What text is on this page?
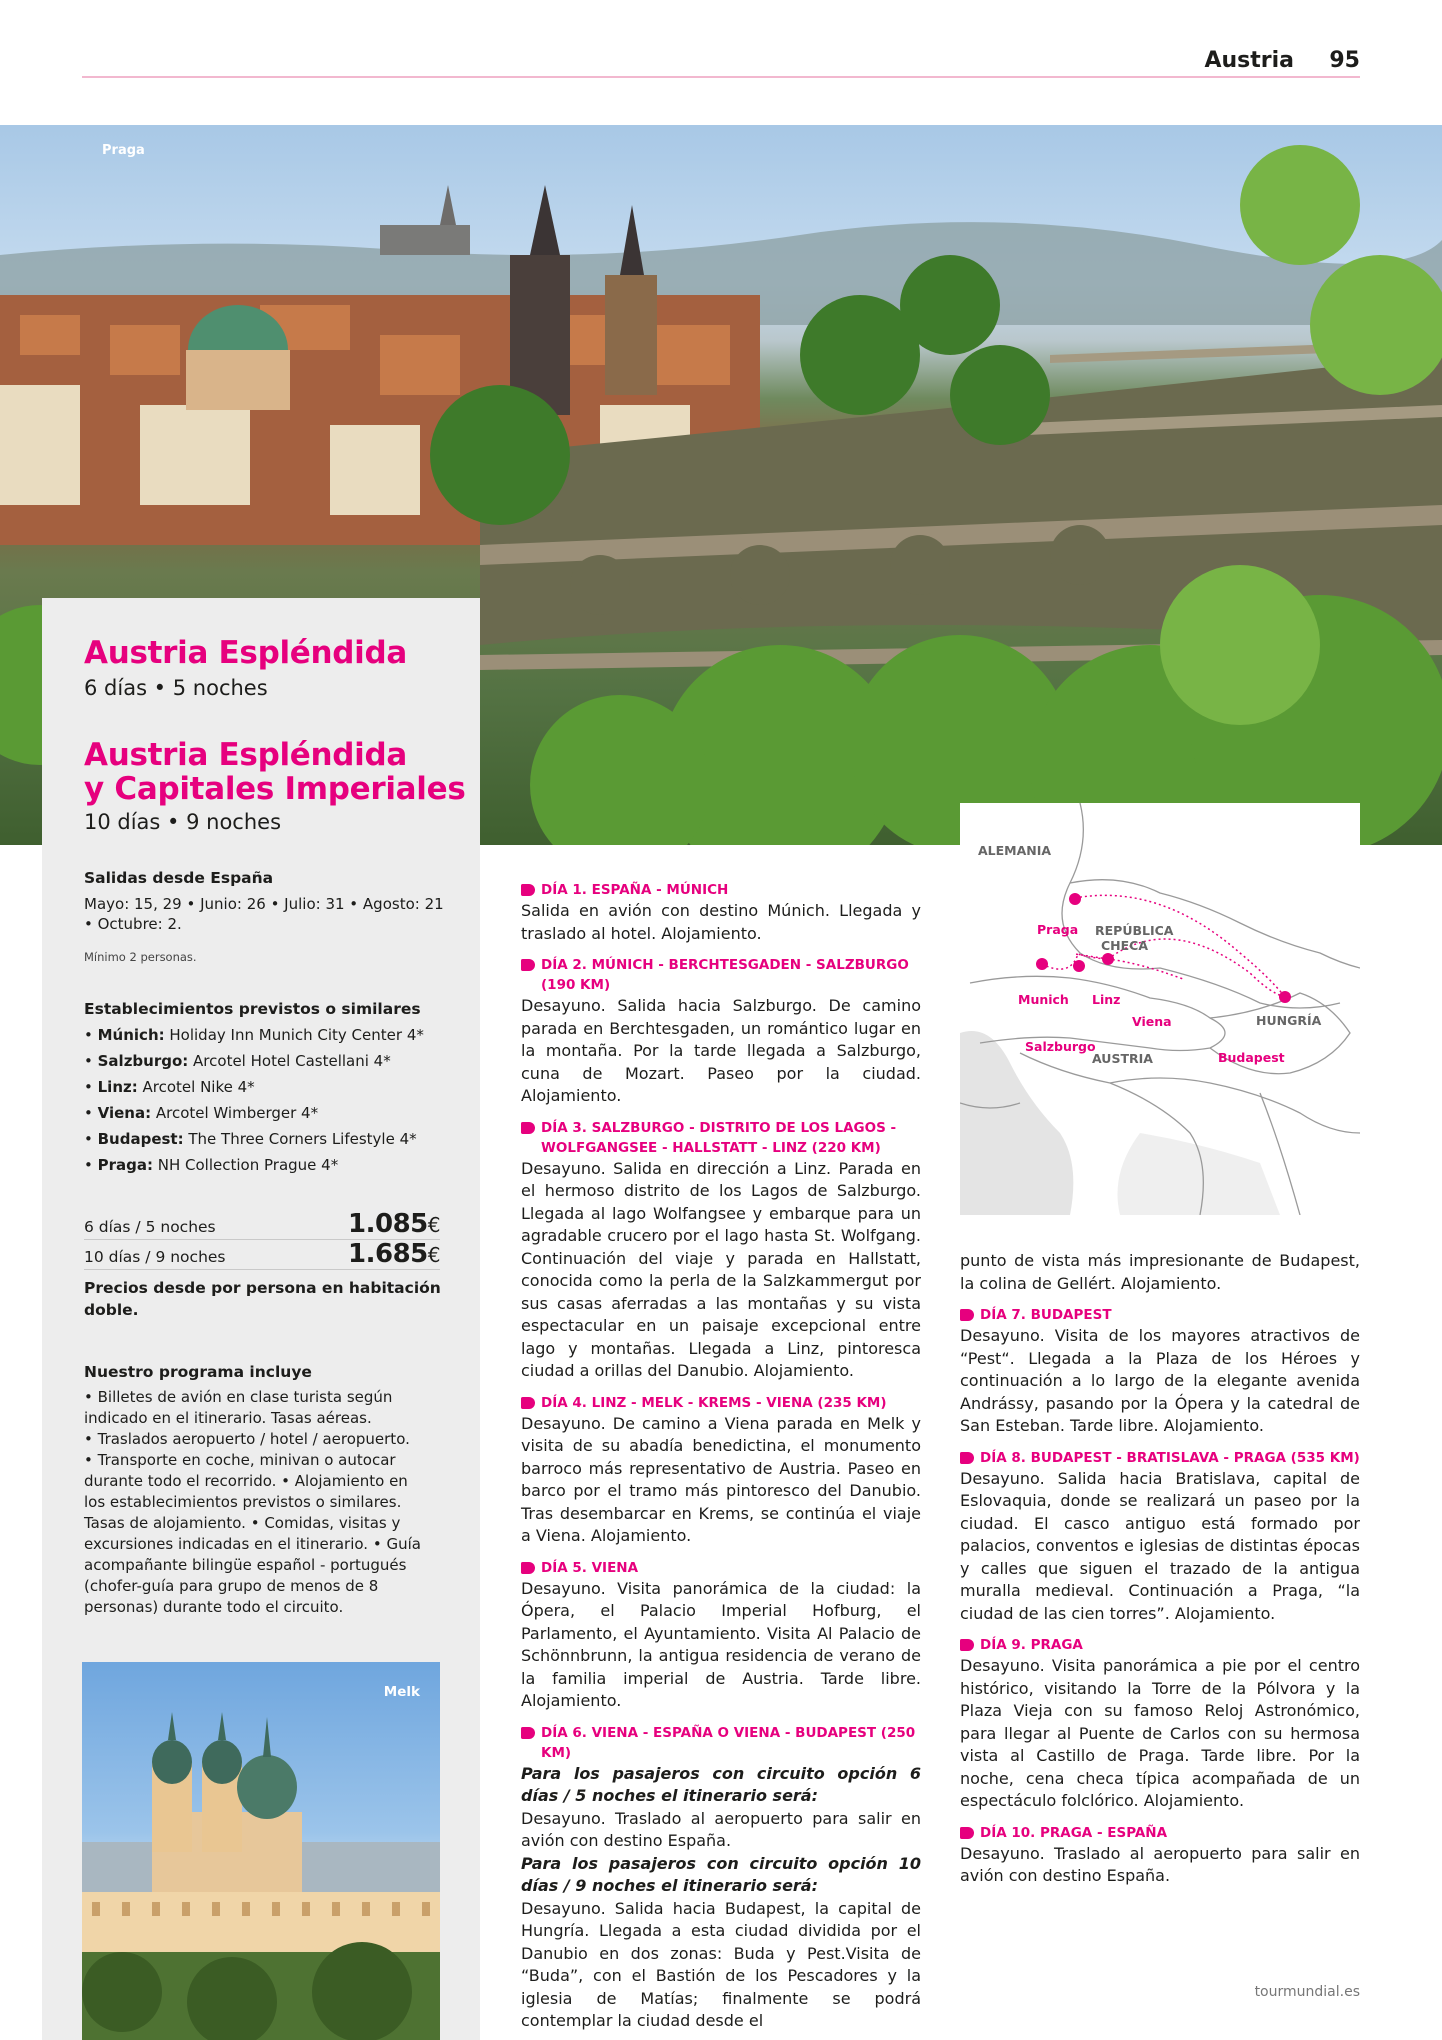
Austria 95
Praga
Austria Espléndida
6 días • 5 noches
Austria Espléndida
y Capitales Imperiales
10 días • 9 noches
Salidas desde España
Mayo: 15, 29 • Junio: 26 • Julio: 31 • Agosto: 21
• Octubre: 2.
Mínimo 2 personas.
Establecimientos previstos o similares
• Múnich: Holiday Inn Munich City Center 4*
• Salzburgo: Arcotel Hotel Castellani 4*
• Linz: Arcotel Nike 4*
• Viena: Arcotel Wimberger 4*
• Budapest: The Three Corners Lifestyle 4*
• Praga: NH Collection Prague 4*
6 días / 5 noches	1.085€
10 días / 9 noches	1.685€
Precios desde por persona en habitación
doble.
Nuestro programa incluye
• Billetes de avión en clase turista según
indicado en el itinerario. Tasas aéreas.
• Traslados aeropuerto / hotel / aeropuerto.
• Transporte en coche, minivan o autocar
durante todo el recorrido. • Alojamiento en
los establecimientos previstos o similares.
Tasas de alojamiento. • Comidas, visitas y
excursiones indicadas en el itinerario. • Guía
acompañante bilingüe español - portugués
(chofer-guía para grupo de menos de 8
personas) durante todo el circuito.
Melk
ALEMANIA
REPÚBLICA
CHECA
HUNGRÍA
AUSTRIA
Praga
Munich Linz
Viena
Salzburgo
Budapest
DÍA 1. ESPAÑA - MÚNICH
Salida en avión con destino Múnich. Llegada y traslado al hotel. Alojamiento.
DÍA 2. MÚNICH - BERCHTESGADEN - SALZBURGO (190 KM)
Desayuno. Salida hacia Salzburgo. De camino parada en Berchtesgaden, un romántico lugar en la montaña. Por la tarde llegada a Salzburgo, cuna de Mozart. Paseo por la ciudad. Alojamiento.
DÍA 3. SALZBURGO - DISTRITO DE LOS LAGOS - WOLFGANGSEE - HALLSTATT - LINZ (220 KM)
Desayuno. Salida en dirección a Linz. Parada en el hermoso distrito de los Lagos de Salzburgo. Llegada al lago Wolfangsee y embarque para un agradable crucero por el lago hasta St. Wolfgang. Continuación del viaje y parada en Hallstatt, conocida como la perla de la Salzkammergut por sus casas aferradas a las montañas y su vista espectacular en un paisaje excepcional entre lago y montañas. Llegada a Linz, pintoresca ciudad a orillas del Danubio. Alojamiento.
DÍA 4. LINZ - MELK - KREMS - VIENA (235 KM)
Desayuno. De camino a Viena parada en Melk y visita de su abadía benedictina, el monumento barroco más representativo de Austria. Paseo en barco por el tramo más pintoresco del Danubio. Tras desembarcar en Krems, se continúa el viaje a Viena. Alojamiento.
DÍA 5. VIENA
Desayuno. Visita panorámica de la ciudad: la Ópera, el Palacio Imperial Hofburg, el Parlamento, el Ayuntamiento. Visita Al Palacio de Schönnbrunn, la antigua residencia de verano de la familia imperial de Austria. Tarde libre. Alojamiento.
DÍA 6. VIENA - ESPAÑA O VIENA - BUDAPEST (250 KM)
Para los pasajeros con circuito opción 6 días / 5 noches el itinerario será:
Desayuno. Traslado al aeropuerto para salir en avión con destino España.
Para los pasajeros con circuito opción 10 días / 9 noches el itinerario será:
Desayuno. Salida hacia Budapest, la capital de Hungría. Llegada a esta ciudad dividida por el Danubio en dos zonas: Buda y Pest.Visita de “Buda”, con el Bastión de los Pescadores y la iglesia de Matías; finalmente se podrá contemplar la ciudad desde el
punto de vista más impresionante de Budapest, la colina de Gellért. Alojamiento.
DÍA 7. BUDAPEST
Desayuno. Visita de los mayores atractivos de “Pest“. Llegada a la Plaza de los Héroes y continuación a lo largo de la elegante avenida Andrássy, pasando por la Ópera y la catedral de San Esteban. Tarde libre. Alojamiento.
DÍA 8. BUDAPEST - BRATISLAVA - PRAGA (535 KM)
Desayuno. Salida hacia Bratislava, capital de Eslovaquia, donde se realizará un paseo por la ciudad. El casco antiguo está formado por palacios, conventos e iglesias de distintas épocas y calles que siguen el trazado de la antigua muralla medieval. Continuación a Praga, “la ciudad de las cien torres”. Alojamiento.
DÍA 9. PRAGA
Desayuno. Visita panorámica a pie por el centro histórico, visitando la Torre de la Pólvora y la Plaza Vieja con su famoso Reloj Astronómico, para llegar al Puente de Carlos con su hermosa vista al Castillo de Praga. Tarde libre. Por la noche, cena checa típica acompañada de un espectáculo folclórico. Alojamiento.
DÍA 10. PRAGA - ESPAÑA
Desayuno. Traslado al aeropuerto para salir en avión con destino España.
tourmundial.es
